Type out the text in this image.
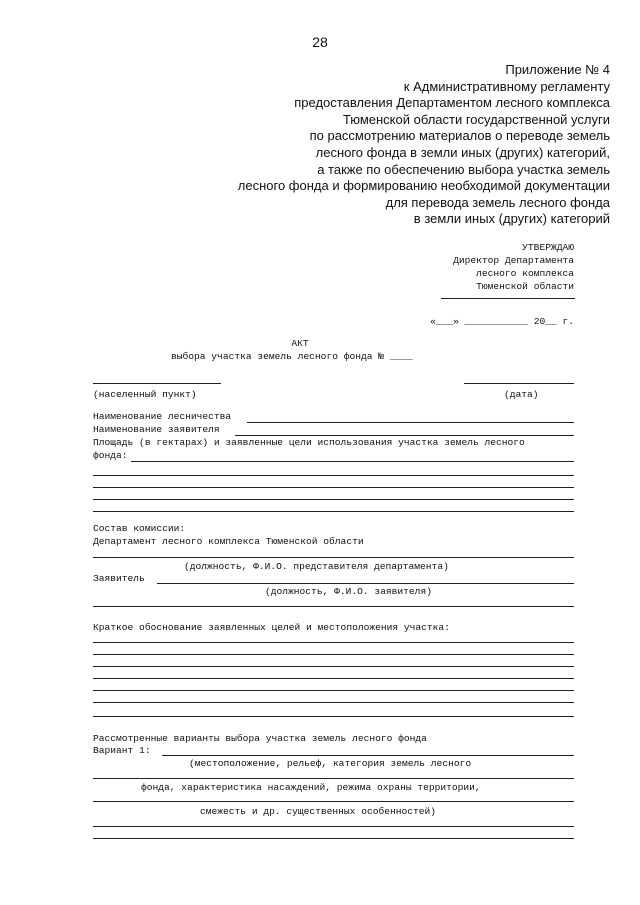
28
Приложение № 4
к Административному регламенту
предоставления Департаментом лесного комплекса
Тюменской области государственной услуги
по рассмотрению материалов о переводе земель
лесного фонда в земли иных (других) категорий,
а также по обеспечению выбора участка земель
лесного фонда и формированию необходимой документации
для перевода земель лесного фонда
в земли иных (других) категорий
УТВЕРЖДАЮ
Директор Департамента
лесного комплекса
Тюменской области
«___» ___________ 20__ г.
АКТ
выбора участка земель лесного фонда № ____
(населенный пункт)	(дата)
Наименование лесничества
Наименование заявителя
Площадь (в гектарах) и заявленные цели использования участка земель лесного
фонда:
Состав комиссии:
Департамент лесного комплекса Тюменской области
(должность, Ф.И.О. представителя департамента)
Заявитель
(должность, Ф.И.О. заявителя)
Краткое обоснование заявленных целей и местоположения участка:
Рассмотренные варианты выбора участка земель лесного фонда
Вариант 1:
(местоположение, рельеф, категория земель лесного
фонда, характеристика насаждений, режима охраны территории,
смежесть и др. существенных особенностей)
